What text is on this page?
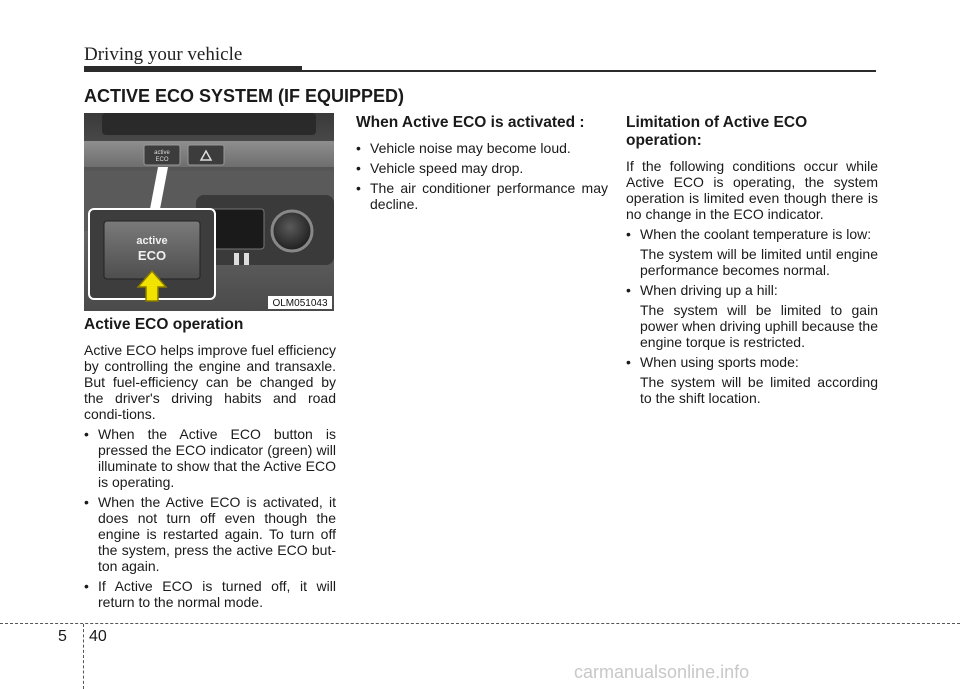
Driving your vehicle
ACTIVE ECO SYSTEM (IF EQUIPPED)
active
ECO
active
ECO
OLM051043
Active ECO operation

Active ECO helps improve fuel efficiency by controlling the engine and transaxle. But fuel-efficiency can be changed by the driver's driving habits and road condi-tions.

• When the Active ECO button is pressed the ECO indicator (green) will illuminate to show that the Active ECO is operating.
• When the Active ECO is activated, it does not turn off even though the engine is restarted again. To turn off the system, press the active ECO but-ton again.
• If Active ECO is turned off, it will return to the normal mode.
When Active ECO is activated :
• Vehicle noise may become loud.
• Vehicle speed may drop.
• The air conditioner performance may decline.
Limitation of Active ECO operation:

If the following conditions occur while Active ECO is operating, the system operation is limited even though there is no change in the ECO indicator.

• When the coolant temperature is low:
The system will be limited until engine performance becomes normal.
• When driving up a hill:
The system will be limited to gain power when driving uphill because the engine torque is restricted.
• When using sports mode:
The system will be limited according to the shift location.
5 40
carmanualsonline.info
